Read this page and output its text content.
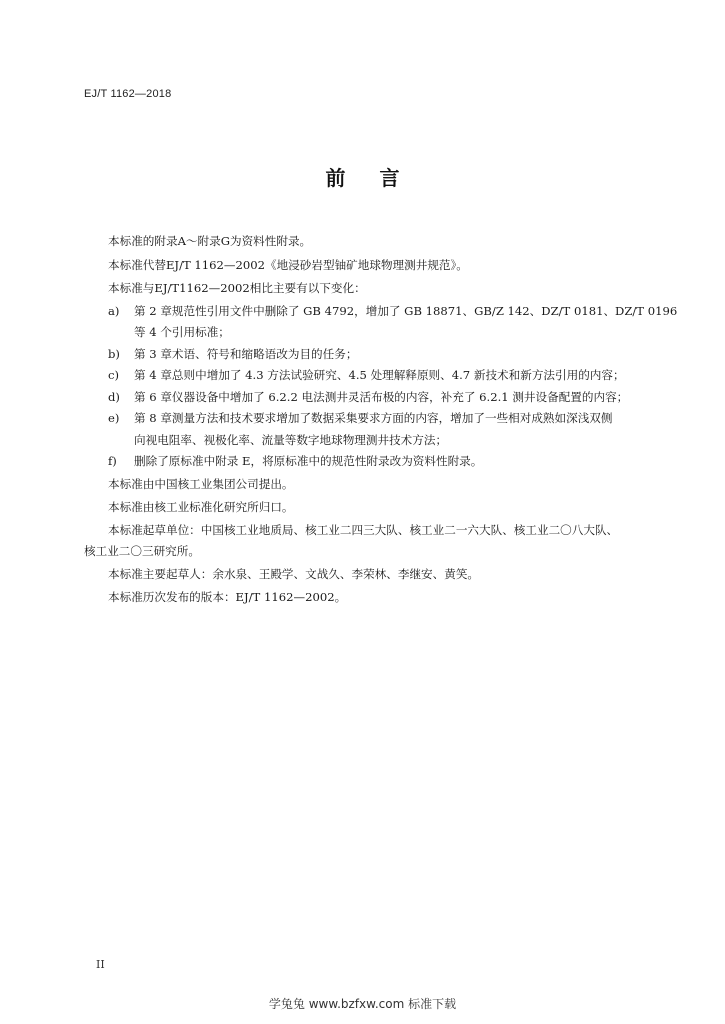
EJ/T 1162—2018
前 言
本标准的附录A～附录G为资料性附录。
本标准代替EJ/T 1162—2002《地浸砂岩型铀矿地球物理测井规范》。
本标准与EJ/T1162—2002相比主要有以下变化：
a) 第 2 章规范性引用文件中删除了 GB 4792，增加了 GB 18871、GB/Z 142、DZ/T 0181、DZ/T 0196
等 4 个引用标准；
b) 第 3 章术语、符号和缩略语改为目的任务；
c) 第 4 章总则中增加了 4.3 方法试验研究、4.5 处理解释原则、4.7 新技术和新方法引用的内容；
d) 第 6 章仪器设备中增加了 6.2.2 电法测井灵活布极的内容，补充了 6.2.1 测井设备配置的内容；
e) 第 8 章测量方法和技术要求增加了数据采集要求方面的内容，增加了一些相对成熟如深浅双侧
向视电阻率、视极化率、流量等数字地球物理测井技术方法；
f) 删除了原标准中附录 E，将原标准中的规范性附录改为资料性附录。
本标准由中国核工业集团公司提出。
本标准由核工业标准化研究所归口。
本标准起草单位：中国核工业地质局、核工业二四三大队、核工业二一六大队、核工业二〇八大队、
核工业二〇三研究所。
本标准主要起草人：余水泉、王殿学、文战久、李荣林、李继安、黄笑。
本标准历次发布的版本：EJ/T 1162—2002。
II
学兔兔 www.bzfxw.com 标准下载
